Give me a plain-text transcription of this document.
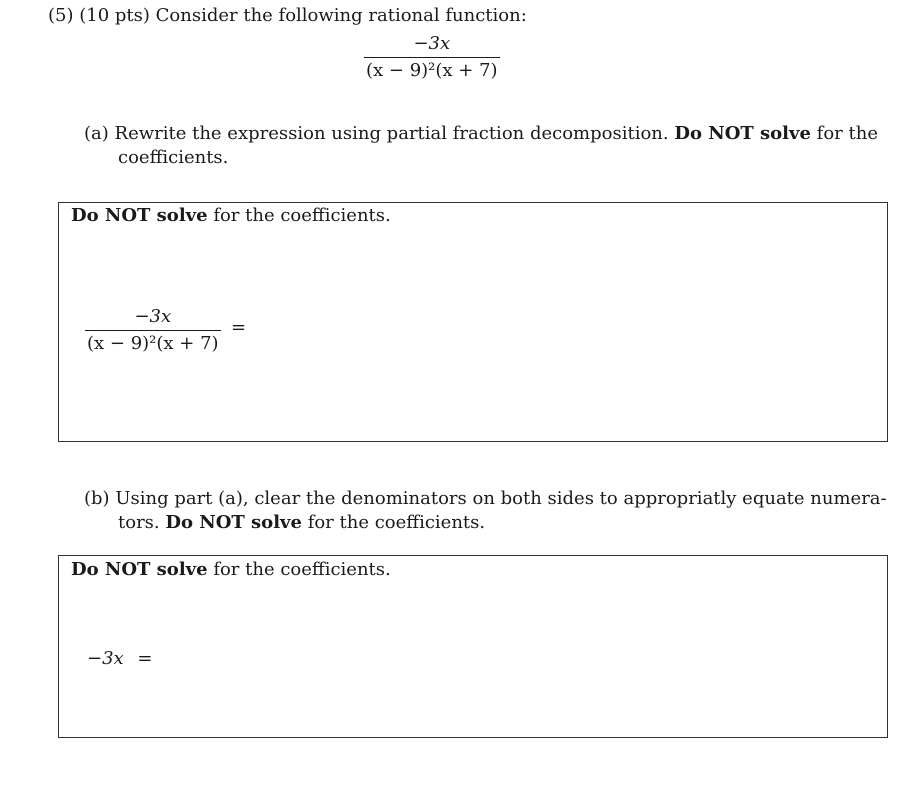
(5) (10 pts) Consider the following rational function:
−3x
(x − 9)²(x + 7)
(a) Rewrite the expression using partial fraction decomposition. Do NOT solve for the
coefficients.
Do NOT solve for the coefficients.
−3x
(x − 9)²(x + 7)
=
(b) Using part (a), clear the denominators on both sides to appropriatly equate numera-
tors. Do NOT solve for the coefficients.
Do NOT solve for the coefficients.
−3x =
